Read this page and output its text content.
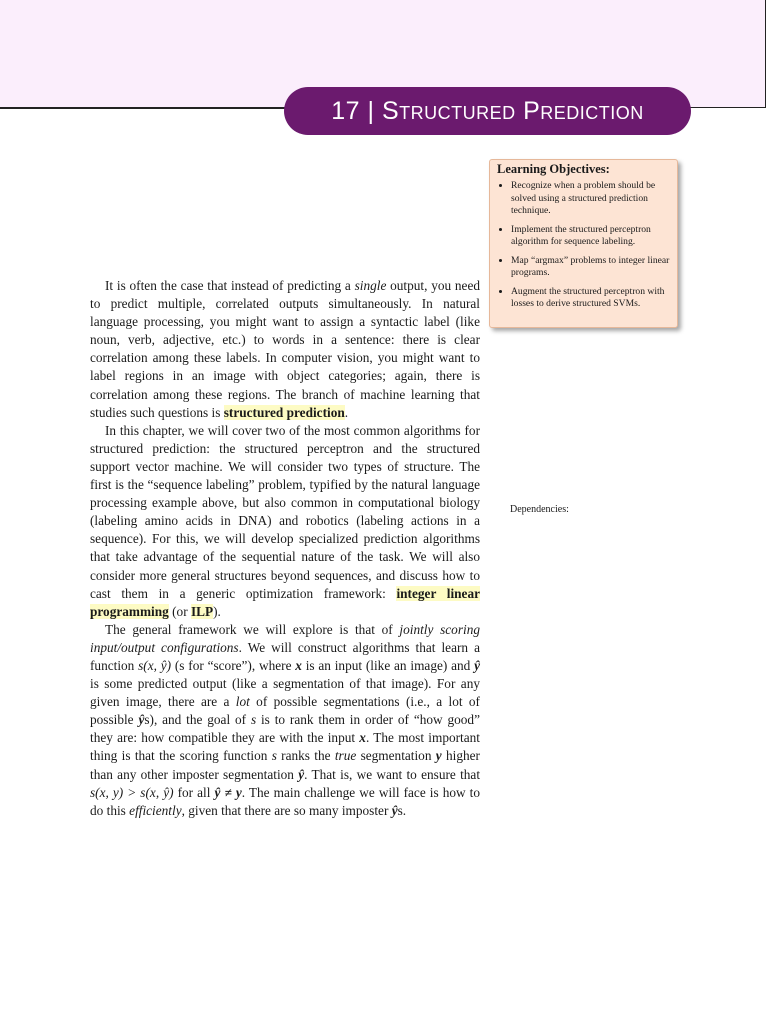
17
|
Structured Prediction
Learning Objectives:
• Recognize when a problem should be solved using a structured prediction technique.
• Implement the structured perceptron algorithm for sequence labeling.
• Map “argmax” problems to integer linear programs.
• Augment the structured perceptron with losses to derive structured SVMs.
Dependencies:

It is often the case that instead of predicting a single output, you need to predict multiple, correlated outputs simultaneously. In natural language processing, you might want to assign a syntactic label (like noun, verb, adjective, etc.) to words in a sentence: there is clear correlation among these labels. In computer vision, you might want to label regions in an image with object categories; again, there is correlation among these regions. The branch of machine learning that studies such questions is structured prediction.

In this chapter, we will cover two of the most common algorithms for structured prediction: the structured perceptron and the structured support vector machine. We will consider two types of structure. The first is the “sequence labeling” problem, typified by the natural language processing example above, but also common in computational biology (labeling amino acids in DNA) and robotics (labeling actions in a sequence). For this, we will develop specialized prediction algorithms that take advantage of the sequential nature of the task. We will also consider more general structures beyond sequences, and discuss how to cast them in a generic optimization framework: integer linear programming (or ILP).

The general framework we will explore is that of jointly scoring input/output configurations. We will construct algorithms that learn a function s(x, ŷ) (s for “score”), where x is an input (like an image) and ŷ is some predicted output (like a segmentation of that image). For any given image, there are a lot of possible segmentations (i.e., a lot of possible ŷs), and the goal of s is to rank them in order of “how good” they are: how compatible they are with the input x. The most important thing is that the scoring function s ranks the true segmentation y higher than any other imposter segmentation ŷ. That is, we want to ensure that s(x, y) > s(x, ŷ) for all ŷ ≠ y. The main challenge we will face is how to do this efficiently, given that there are so many imposter ŷs.
